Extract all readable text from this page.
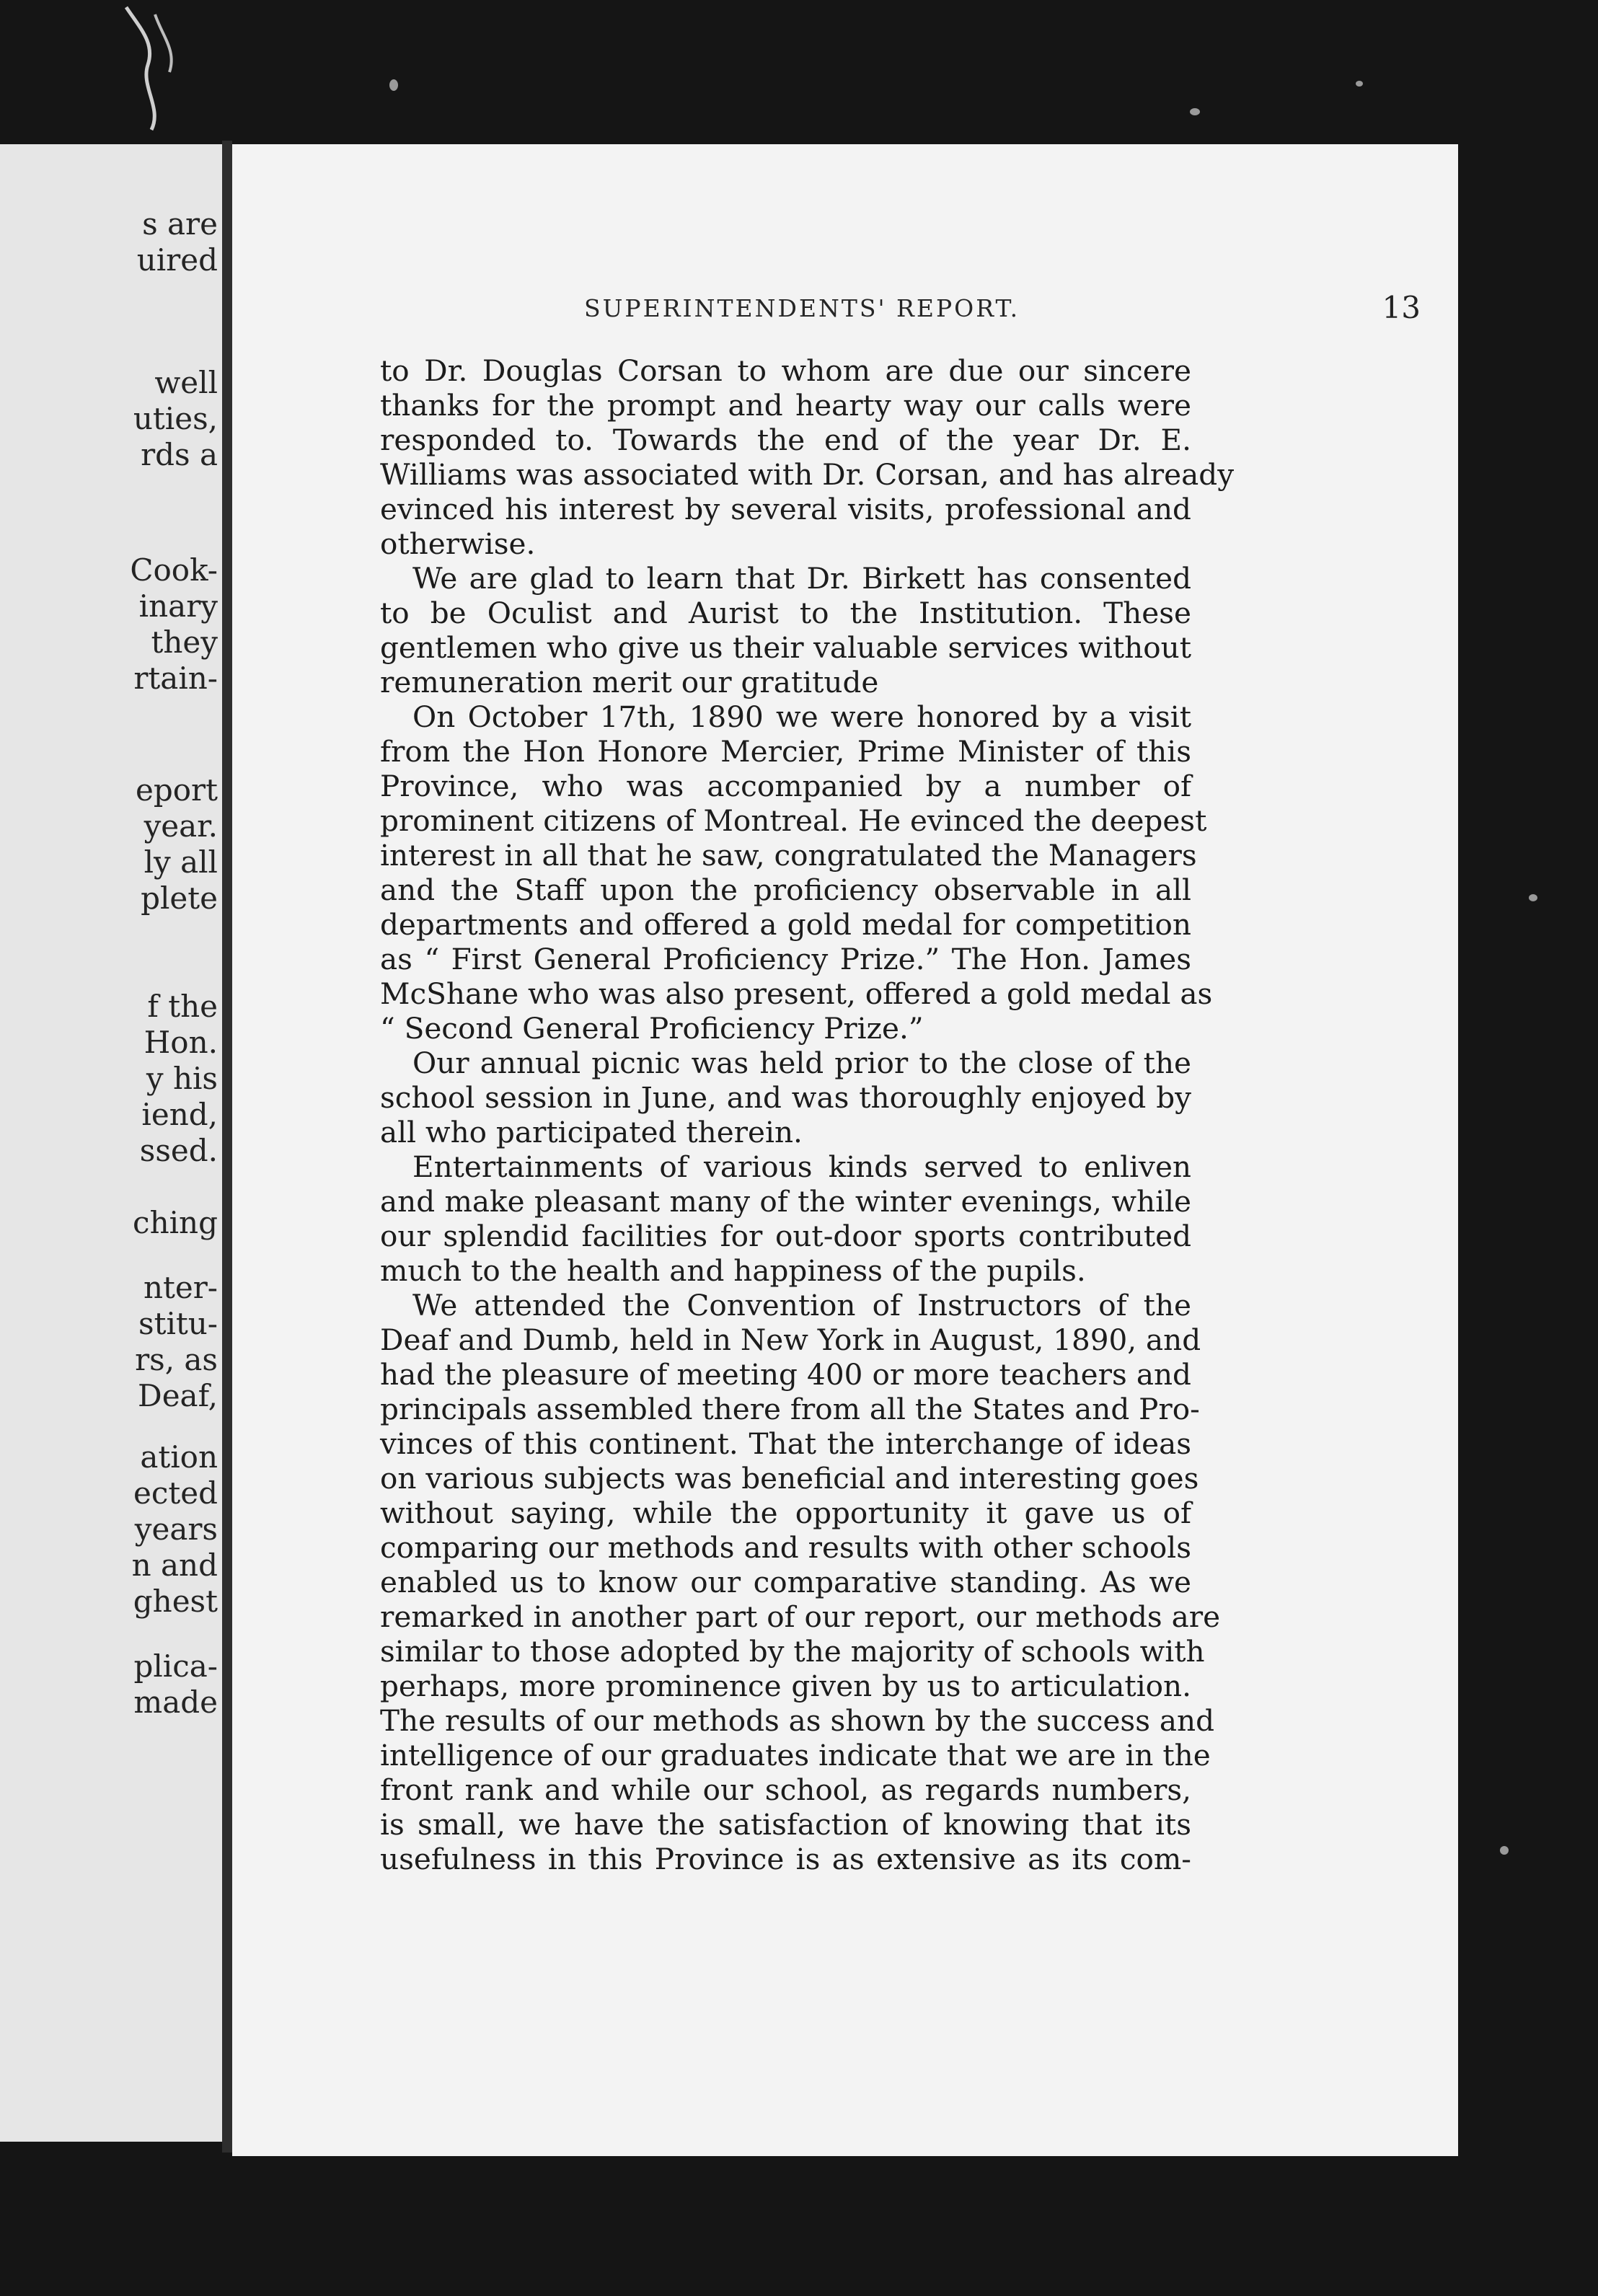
s are
uired
well
uties,
rds a
Cook-
inary
they
rtain-
eport
year.
ly all
plete
f the
Hon.
y his
iend,
ssed.
ching
nter-
stitu-
rs, as
Deaf,
ation
ected
years
n and
ghest
plica-
made
SUPERINTENDENTS' REPORT.	13
to Dr. Douglas Corsan to whom are due our sincere
thanks for the prompt and hearty way our calls were
responded to. Towards the end of the year Dr. E.
Williams was associated with Dr. Corsan, and has already
evinced his interest by several visits, professional and
otherwise.
We are glad to learn that Dr. Birkett has consented
to be Oculist and Aurist to the Institution. These
gentlemen who give us their valuable services without
remuneration merit our gratitude
On October 17th, 1890 we were honored by a visit
from the Hon Honore Mercier, Prime Minister of this
Province, who was accompanied by a number of
prominent citizens of Montreal. He evinced the deepest
interest in all that he saw, congratulated the Managers
and the Staff upon the proficiency observable in all
departments and offered a gold medal for competition
as “ First General Proficiency Prize.” The Hon. James
McShane who was also present, offered a gold medal as
“ Second General Proficiency Prize.”
Our annual picnic was held prior to the close of the
school session in June, and was thoroughly enjoyed by
all who participated therein.
Entertainments of various kinds served to enliven
and make pleasant many of the winter evenings, while
our splendid facilities for out-door sports contributed
much to the health and happiness of the pupils.
We attended the Convention of Instructors of the
Deaf and Dumb, held in New York in August, 1890, and
had the pleasure of meeting 400 or more teachers and
principals assembled there from all the States and Pro-
vinces of this continent. That the interchange of ideas
on various subjects was beneficial and interesting goes
without saying, while the opportunity it gave us of
comparing our methods and results with other schools
enabled us to know our comparative standing. As we
remarked in another part of our report, our methods are
similar to those adopted by the majority of schools with
perhaps, more prominence given by us to articulation.
The results of our methods as shown by the success and
intelligence of our graduates indicate that we are in the
front rank and while our school, as regards numbers,
is small, we have the satisfaction of knowing that its
usefulness in this Province is as extensive as its com-
